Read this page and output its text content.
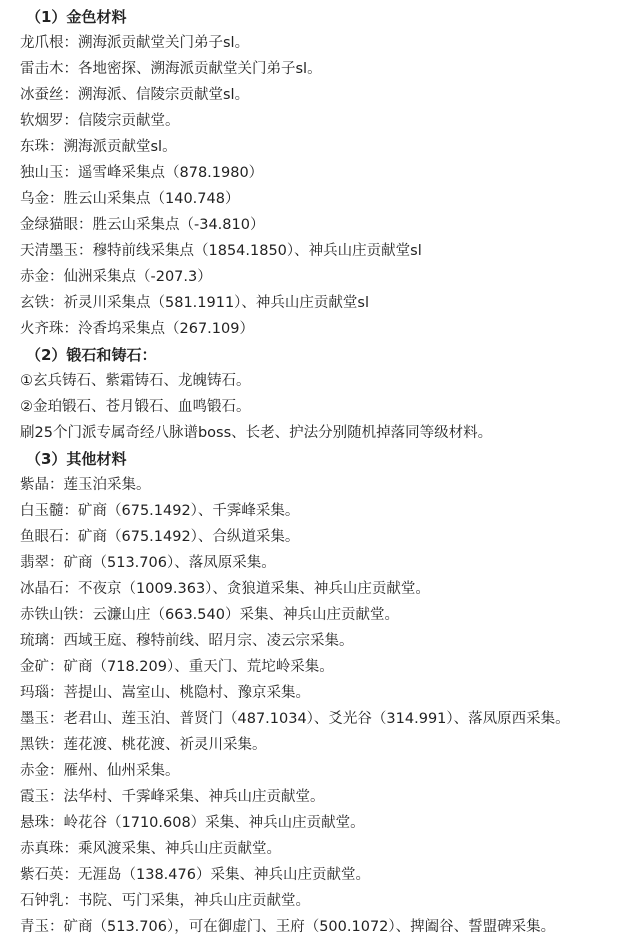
（1）金色材料
龙爪根：溯海派贡献堂关门弟子sl。
雷击木：各地密探、溯海派贡献堂关门弟子sl。
冰蚕丝：溯海派、信陵宗贡献堂sl。
软烟罗：信陵宗贡献堂。
东珠：溯海派贡献堂sl。
独山玉：遥雪峰采集点（878.1980）
乌金：胜云山采集点（140.748）
金绿猫眼：胜云山采集点（-34.810）
天清墨玉：穆特前线采集点（1854.1850）、神兵山庄贡献堂sl
赤金：仙洲采集点（-207.3）
玄铁：祈灵川采集点（581.1911）、神兵山庄贡献堂sl
火齐珠：泠香坞采集点（267.109）
（2）锻石和铸石：
①玄兵铸石、紫霜铸石、龙魄铸石。
②金珀锻石、苍月锻石、血鸣锻石。
刷25个门派专属奇经八脉谱boss、长老、护法分别随机掉落同等级材料。
（3）其他材料
紫晶：莲玉泊采集。
白玉髓：矿商（675.1492）、千霁峰采集。
鱼眼石：矿商（675.1492）、合纵道采集。
翡翠：矿商（513.706）、落凤原采集。
冰晶石：不夜京（1009.363）、贪狼道采集、神兵山庄贡献堂。
赤铁山铁：云濂山庄（663.540）采集、神兵山庄贡献堂。
琉璃：西域王庭、穆特前线、昭月宗、凌云宗采集。
金矿：矿商（718.209）、重天门、荒坨岭采集。
玛瑙：菩提山、嵩室山、桃隐村、豫京采集。
墨玉：老君山、莲玉泊、普贤门（487.1034）、爻光谷（314.991）、落凤原西采集。
黑铁：莲花渡、桃花渡、祈灵川采集。
赤金：雁州、仙州采集。
霞玉：法华村、千霁峰采集、神兵山庄贡献堂。
悬珠：岭花谷（1710.608）采集、神兵山庄贡献堂。
赤真珠：乘风渡采集、神兵山庄贡献堂。
紫石英：无涯岛（138.476）采集、神兵山庄贡献堂。
石钟乳：书院、丐门采集，神兵山庄贡献堂。
青玉：矿商（513.706），可在御虚门、王府（500.1072）、捭阖谷、誓盟碑采集。
